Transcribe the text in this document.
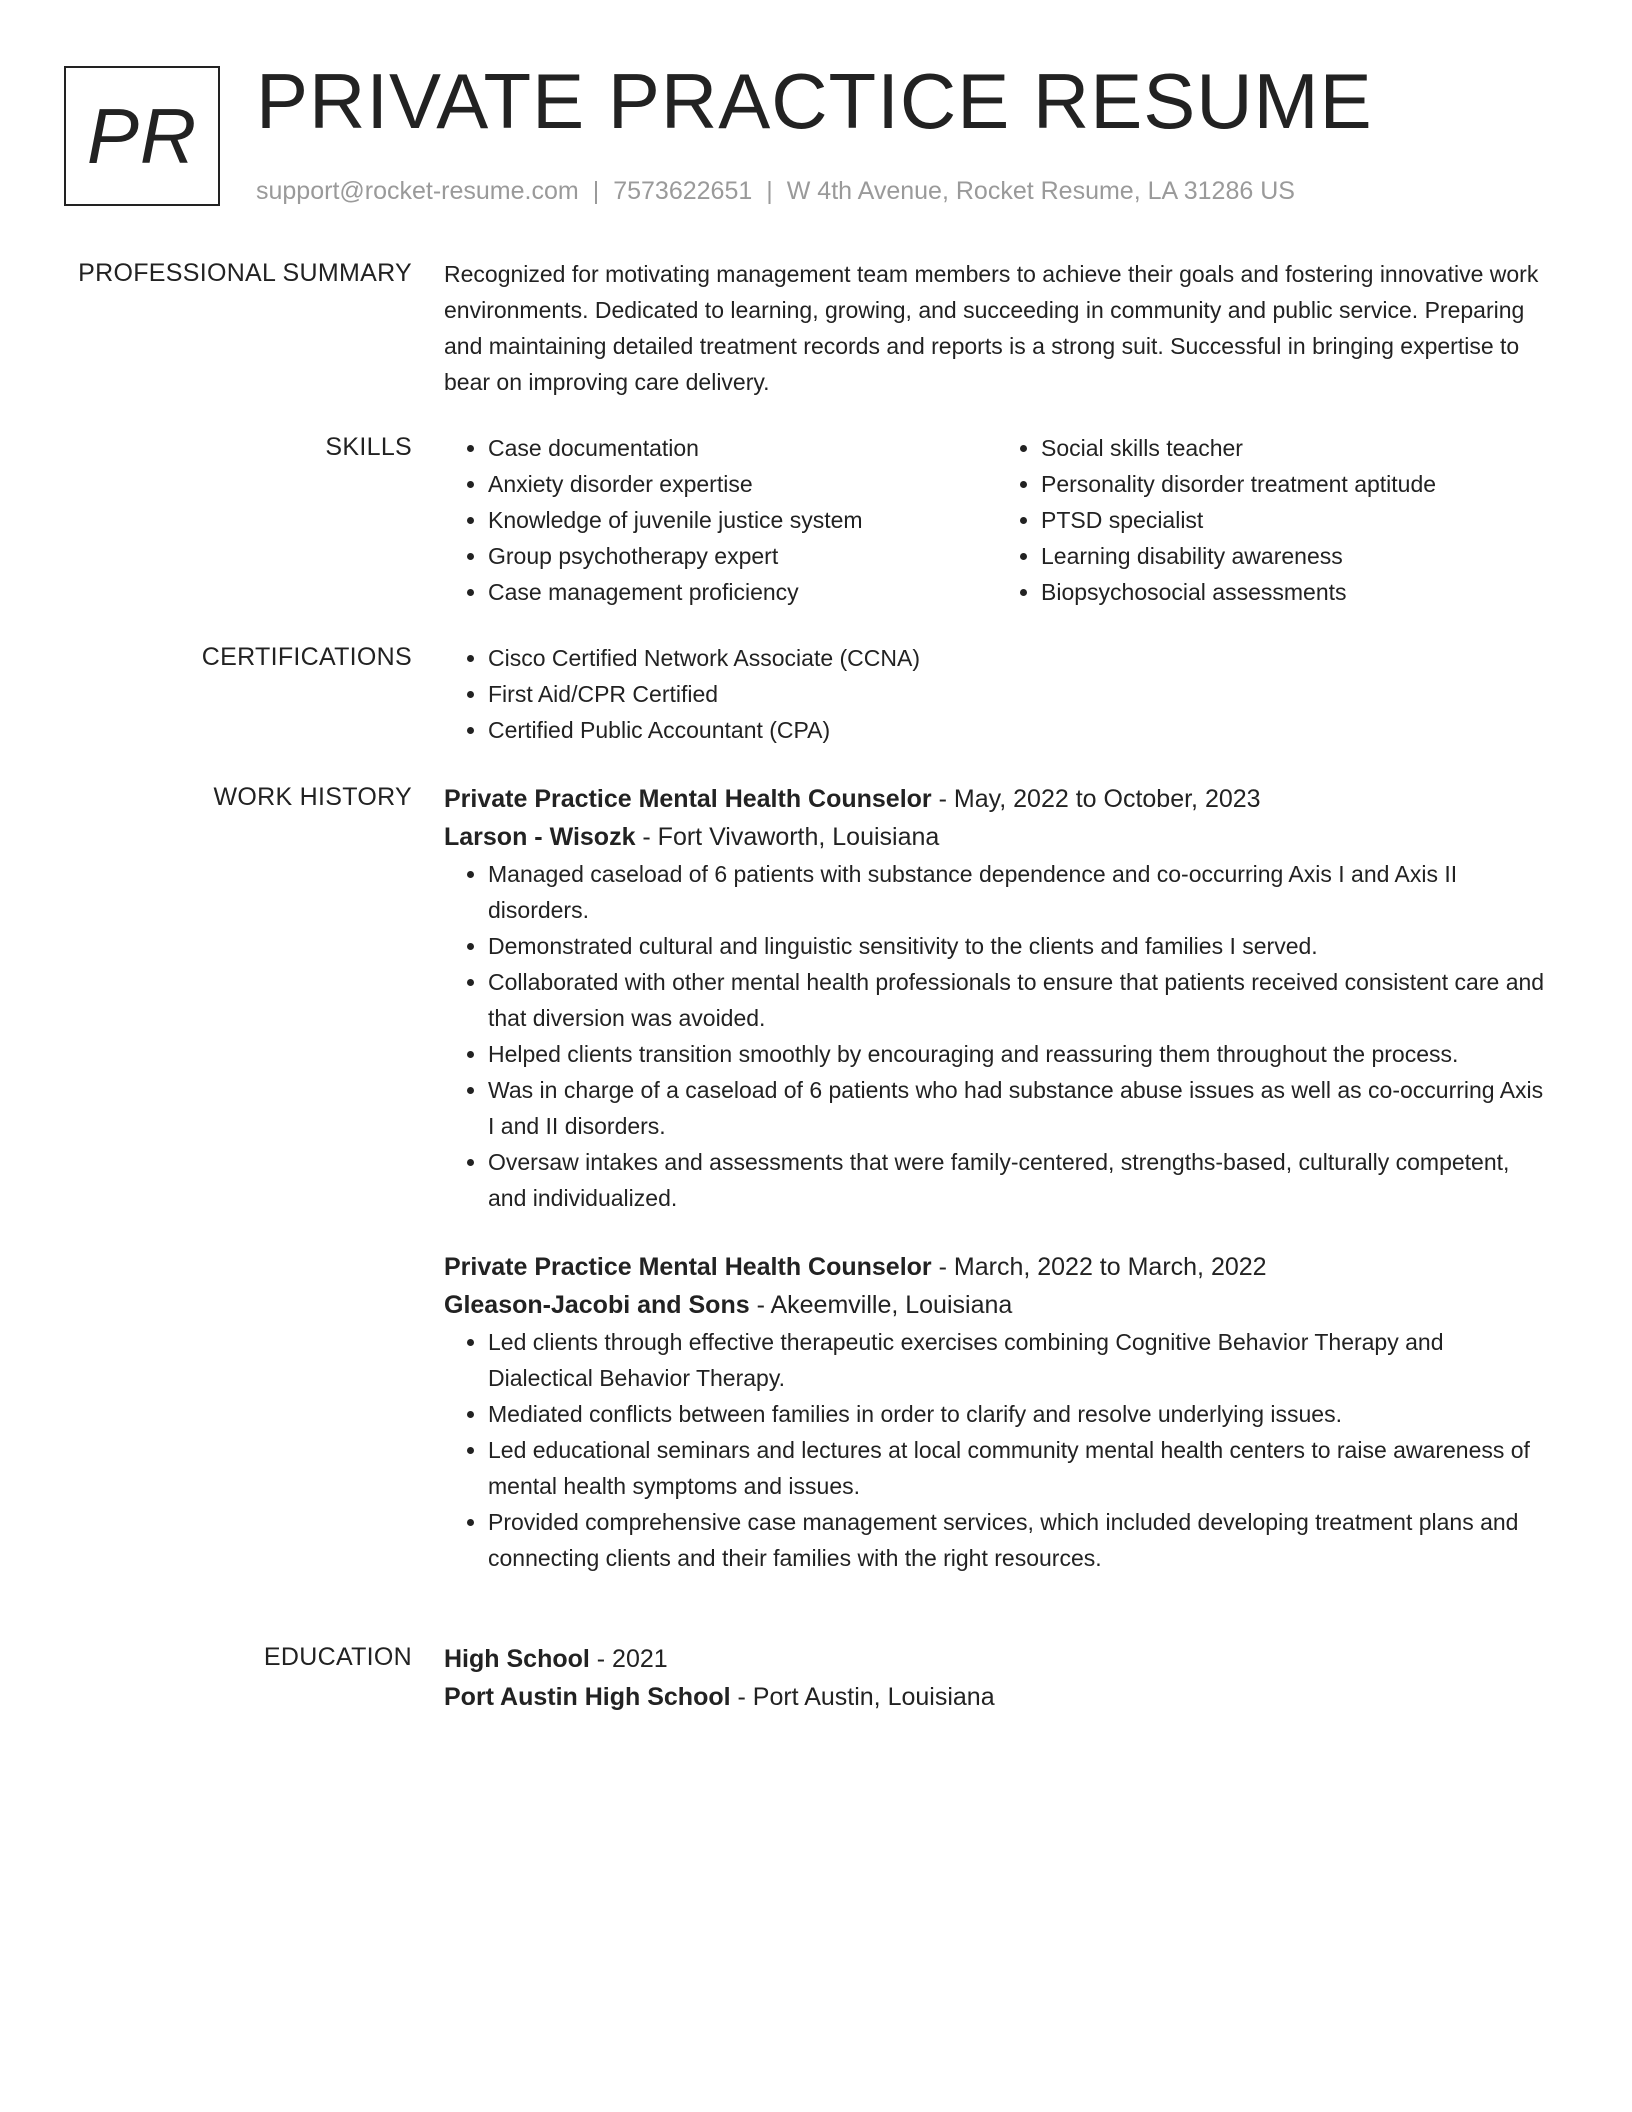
PR PRIVATE PRACTICE RESUME
support@rocket-resume.com | 7573622651 | W 4th Avenue, Rocket Resume, LA 31286 US
PROFESSIONAL SUMMARY Recognized for motivating management team members to achieve their goals and fostering innovative work environments. Dedicated to learning, growing, and succeeding in community and public service. Preparing and maintaining detailed treatment records and reports is a strong suit. Successful in bringing expertise to bear on improving care delivery.

SKILLS	• Case documentation
• Anxiety disorder expertise
• Knowledge of juvenile justice system
• Group psychotherapy expert
• Case management proficiency
• Social skills teacher
• Personality disorder treatment aptitude
• PTSD specialist
• Learning disability awareness
• Biopsychosocial assessments
CERTIFICATIONS	• Cisco Certified Network Associate (CCNA)
• First Aid/CPR Certified
• Certified Public Accountant (CPA)
WORK HISTORY Private Practice Mental Health Counselor - May, 2022 to October, 2023
Larson - Wisozk - Fort Vivaworth, Louisiana
• Managed caseload of 6 patients with substance dependence and co-occurring Axis I and Axis II disorders.
• Demonstrated cultural and linguistic sensitivity to the clients and families I served.
• Collaborated with other mental health professionals to ensure that patients received consistent care and that diversion was avoided.
• Helped clients transition smoothly by encouraging and reassuring them throughout the process.
• Was in charge of a caseload of 6 patients who had substance abuse issues as well as co-occurring Axis I and II disorders.
• Oversaw intakes and assessments that were family-centered, strengths-based, culturally competent, and individualized.
Private Practice Mental Health Counselor - March, 2022 to March, 2022
Gleason-Jacobi and Sons - Akeemville, Louisiana
• Led clients through effective therapeutic exercises combining Cognitive Behavior Therapy and Dialectical Behavior Therapy.
• Mediated conflicts between families in order to clarify and resolve underlying issues.
• Led educational seminars and lectures at local community mental health centers to raise awareness of mental health symptoms and issues.
• Provided comprehensive case management services, which included developing treatment plans and connecting clients and their families with the right resources.
EDUCATION High School - 2021
Port Austin High School - Port Austin, Louisiana
